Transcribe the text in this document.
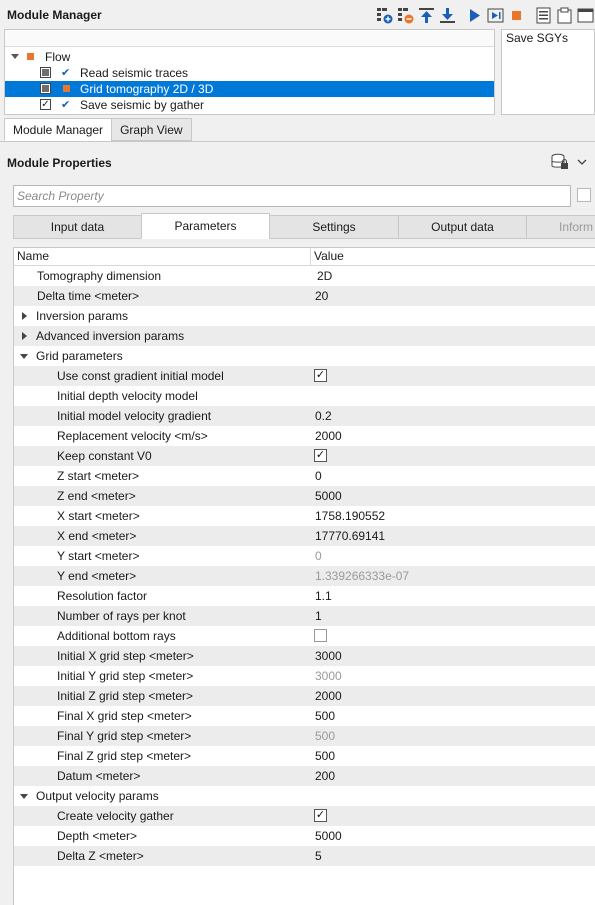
Module Manager
Flow
✔ Read seismic traces
Grid tomography 2D / 3D
✓ ✔ Save seismic by gather
Save SGYs
Module Manager	Graph View
Module Properties
Search Property
Input data	Parameters	Settings	Output data	Inform
Name	Value
Tomography dimension	2D
Delta time <meter>	20
Inversion params
Advanced inversion params
Grid parameters
Use const gradient initial model	✓
Initial depth velocity model
Initial model velocity gradient	0.2
Replacement velocity <m/s>	2000
Keep constant V0	✓
Z start <meter>	0
Z end <meter>	5000
X start <meter>	1758.190552
X end <meter>	17770.69141
Y start <meter>	0
Y end <meter>	1.339266333e-07
Resolution factor	1.1
Number of rays per knot	1
Additional bottom rays
Initial X grid step <meter>	3000
Initial Y grid step <meter>	3000
Initial Z grid step <meter>	2000
Final X grid step <meter>	500
Final Y grid step <meter>	500
Final Z grid step <meter>	500
Datum <meter>	200
Output velocity params
Create velocity gather	✓
Depth <meter>	5000
Delta Z <meter>	5
